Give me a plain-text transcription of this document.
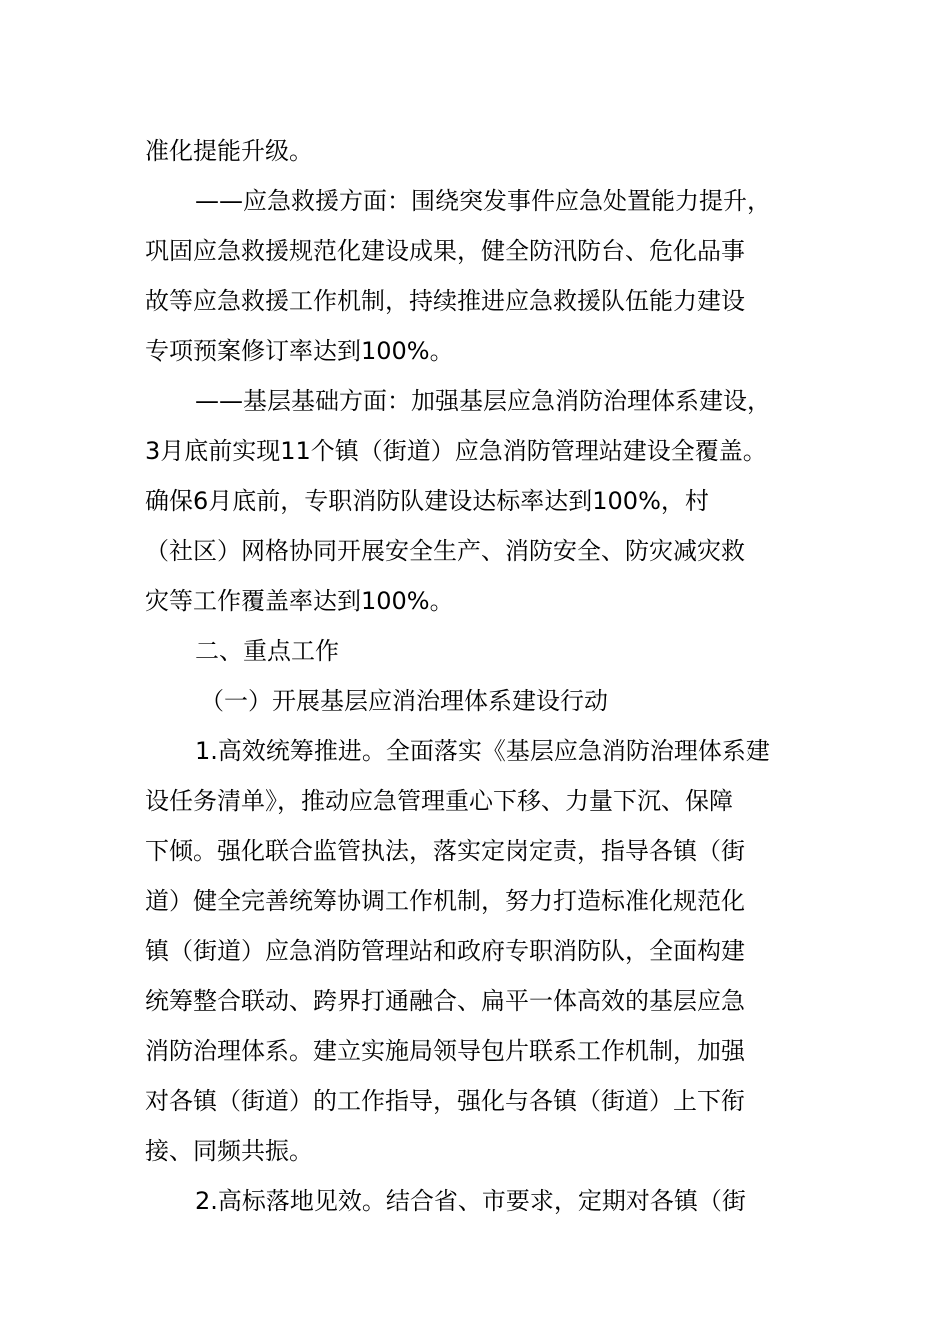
准化提能升级。
——应急救援方面：围绕突发事件应急处置能力提升，
巩固应急救援规范化建设成果，健全防汛防台、危化品事
故等应急救援工作机制，持续推进应急救援队伍能力建设
专项预案修订率达到100%。
——基层基础方面：加强基层应急消防治理体系建设，
3月底前实现11个镇（街道）应急消防管理站建设全覆盖。
确保6月底前，专职消防队建设达标率达到100%，村
（社区）网格协同开展安全生产、消防安全、防灾减灾救
灾等工作覆盖率达到100%。
二、重点工作
（一）开展基层应消治理体系建设行动
1.高效统筹推进。全面落实《基层应急消防治理体系建
设任务清单》，推动应急管理重心下移、力量下沉、保障
下倾。强化联合监管执法，落实定岗定责，指导各镇（街
道）健全完善统筹协调工作机制，努力打造标准化规范化
镇（街道）应急消防管理站和政府专职消防队，全面构建
统筹整合联动、跨界打通融合、扁平一体高效的基层应急
消防治理体系。建立实施局领导包片联系工作机制，加强
对各镇（街道）的工作指导，强化与各镇（街道）上下衔
接、同频共振。
2.高标落地见效。结合省、市要求，定期对各镇（街
